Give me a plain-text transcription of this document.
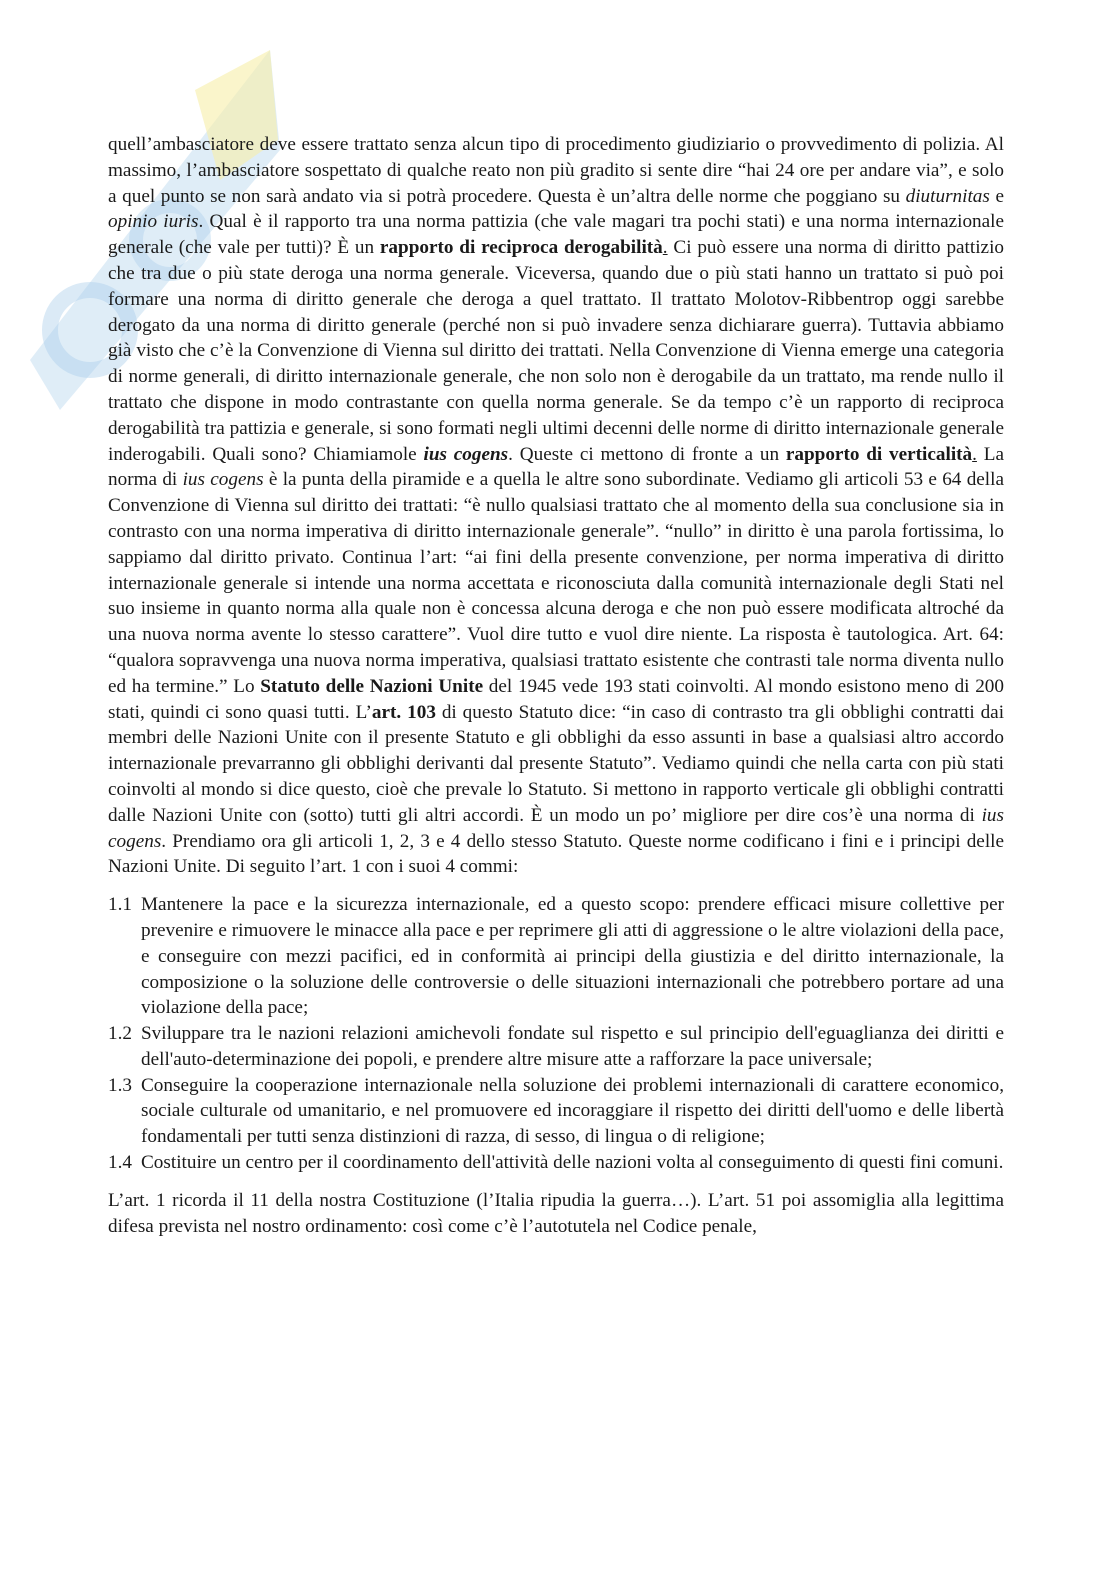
quell’ambasciatore deve essere trattato senza alcun tipo di procedimento giudiziario o provvedimento di polizia. Al massimo, l’ambasciatore sospettato di qualche reato non più gradito si sente dire “hai 24 ore per andare via”, e solo a quel punto se non sarà andato via si potrà procedere. Questa è un’altra delle norme che poggiano su diuturnitas e opinio iuris. Qual è il rapporto tra una norma pattizia (che vale magari tra pochi stati) e una norma internazionale generale (che vale per tutti)? È un rapporto di reciproca derogabilità. Ci può essere una norma di diritto pattizio che tra due o più state deroga una norma generale. Viceversa, quando due o più stati hanno un trattato si può poi formare una norma di diritto generale che deroga a quel trattato. Il trattato Molotov-Ribbentrop oggi sarebbe derogato da una norma di diritto generale (perché non si può invadere senza dichiarare guerra). Tuttavia abbiamo già visto che c’è la Convenzione di Vienna sul diritto dei trattati. Nella Convenzione di Vienna emerge una categoria di norme generali, di diritto internazionale generale, che non solo non è derogabile da un trattato, ma rende nullo il trattato che dispone in modo contrastante con quella norma generale. Se da tempo c’è un rapporto di reciproca derogabilità tra pattizia e generale, si sono formati negli ultimi decenni delle norme di diritto internazionale generale inderogabili. Quali sono? Chiamiamole ius cogens. Queste ci mettono di fronte a un rapporto di verticalità. La norma di ius cogens è la punta della piramide e a quella le altre sono subordinate. Vediamo gli articoli 53 e 64 della Convenzione di Vienna sul diritto dei trattati: “è nullo qualsiasi trattato che al momento della sua conclusione sia in contrasto con una norma imperativa di diritto internazionale generale”. “nullo” in diritto è una parola fortissima, lo sappiamo dal diritto privato. Continua l’art: “ai fini della presente convenzione, per norma imperativa di diritto internazionale generale si intende una norma accettata e riconosciuta dalla comunità internazionale degli Stati nel suo insieme in quanto norma alla quale non è concessa alcuna deroga e che non può essere modificata altroché da una nuova norma avente lo stesso carattere”. Vuol dire tutto e vuol dire niente. La risposta è tautologica. Art. 64: “qualora sopravvenga una nuova norma imperativa, qualsiasi trattato esistente che contrasti tale norma diventa nullo ed ha termine.” Lo Statuto delle Nazioni Unite del 1945 vede 193 stati coinvolti. Al mondo esistono meno di 200 stati, quindi ci sono quasi tutti. L’art. 103 di questo Statuto dice: “in caso di contrasto tra gli obblighi contratti dai membri delle Nazioni Unite con il presente Statuto e gli obblighi da esso assunti in base a qualsiasi altro accordo internazionale prevarranno gli obblighi derivanti dal presente Statuto”. Vediamo quindi che nella carta con più stati coinvolti al mondo si dice questo, cioè che prevale lo Statuto. Si mettono in rapporto verticale gli obblighi contratti dalle Nazioni Unite con (sotto) tutti gli altri accordi. È un modo un po’ migliore per dire cos’è una norma di ius cogens. Prendiamo ora gli articoli 1, 2, 3 e 4 dello stesso Statuto. Queste norme codificano i fini e i principi delle Nazioni Unite. Di seguito l’art. 1 con i suoi 4 commi:

1.1 Mantenere la pace e la sicurezza internazionale, ed a questo scopo: prendere efficaci misure collettive per prevenire e rimuovere le minacce alla pace e per reprimere gli atti di aggressione o le altre violazioni della pace, e conseguire con mezzi pacifici, ed in conformità ai principi della giustizia e del diritto internazionale, la composizione o la soluzione delle controversie o delle situazioni internazionali che potrebbero portare ad una violazione della pace;
1.2 Sviluppare tra le nazioni relazioni amichevoli fondate sul rispetto e sul principio dell'eguaglianza dei diritti e dell'auto-determinazione dei popoli, e prendere altre misure atte a rafforzare la pace universale;
1.3 Conseguire la cooperazione internazionale nella soluzione dei problemi internazionali di carattere economico, sociale culturale od umanitario, e nel promuovere ed incoraggiare il rispetto dei diritti dell'uomo e delle libertà fondamentali per tutti senza distinzioni di razza, di sesso, di lingua o di religione;
1.4 Costituire un centro per il coordinamento dell'attività delle nazioni volta al conseguimento di questi fini comuni.

L’art. 1 ricorda il 11 della nostra Costituzione (l’Italia ripudia la guerra…). L’art. 51 poi assomiglia alla legittima difesa prevista nel nostro ordinamento: così come c’è l’autotutela nel Codice penale,
